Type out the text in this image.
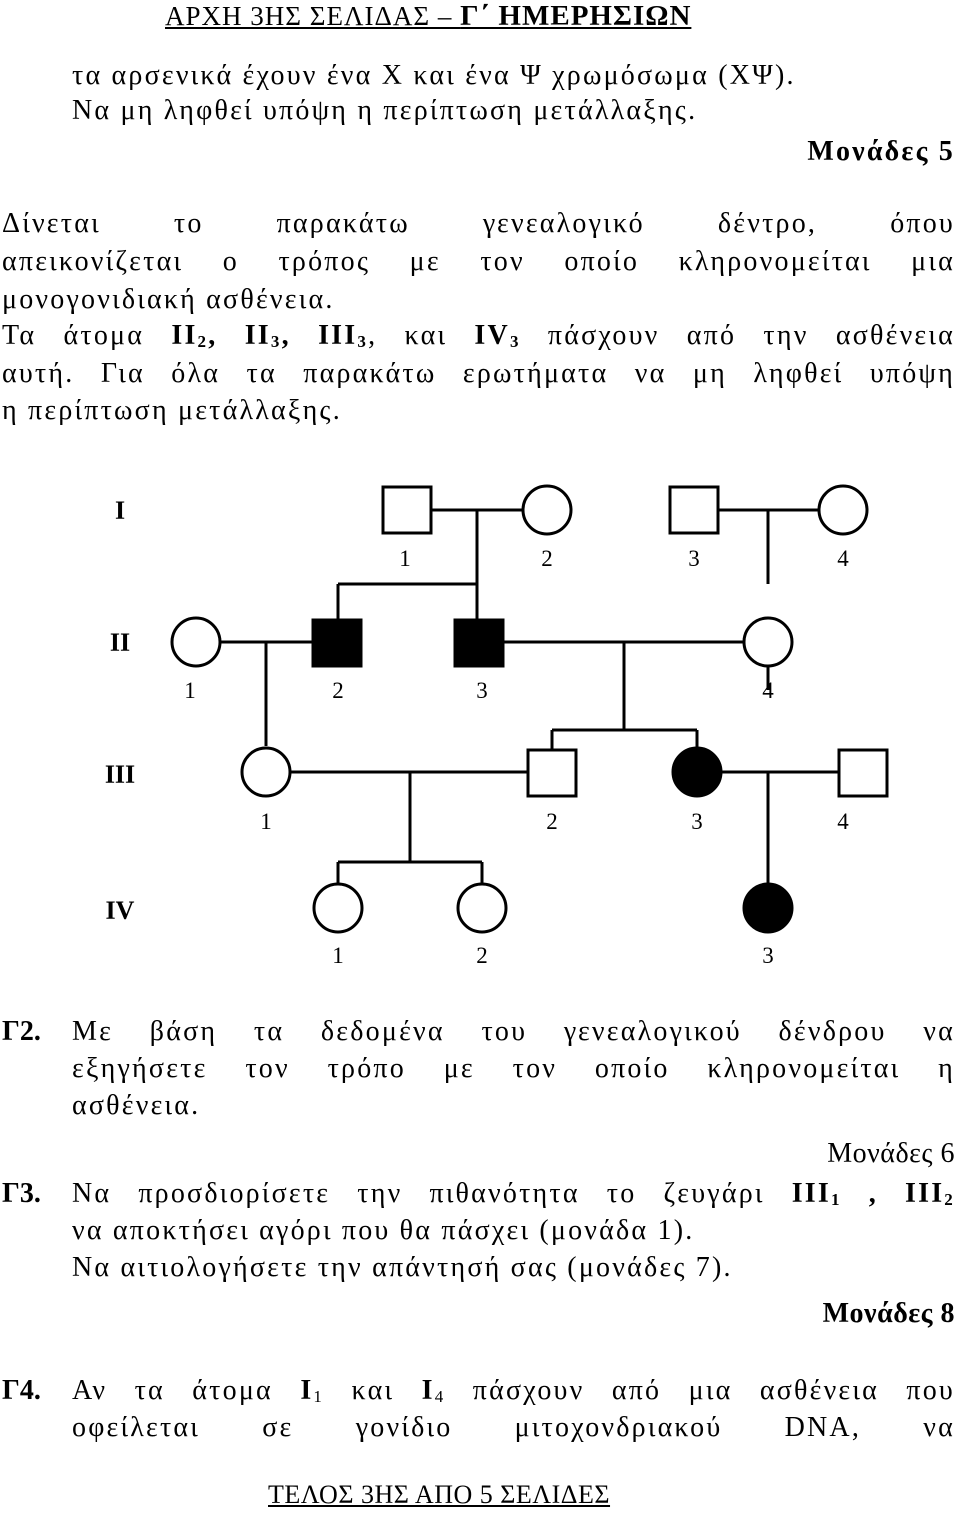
ΑΡΧΗ 3ΗΣ ΣΕΛΙΔΑΣ – Γ΄ ΗΜΕΡΗΣΙΩΝ
τα αρσενικά έχουν ένα Χ και ένα Ψ χρωμόσωμα (ΧΨ).
Να μη ληφθεί υπόψη η περίπτωση μετάλλαξης.
Μονάδες 5
Δίνεται το παρακάτω γενεαλογικό δέντρο, όπου
απεικονίζεται ο τρόπος με τον οποίο κληρονομείται μια
μονογονιδιακή ασθένεια.
Τα άτομα $II_2$, $II_3$, $III_3$, και $IV_3$ πάσχουν από την ασθένεια
αυτή. Για όλα τα παρακάτω ερωτήματα να μη ληφθεί υπόψη
η περίπτωση μετάλλαξης.
Ι
ΙΙ
ΙΙΙ
ΙV
1	2	3	4
1	2	3	4
1	2	3	4
1	2	3
Γ2. Με βάση τα δεδομένα του γενεαλογικού δένδρου να
εξηγήσετε τον τρόπο με τον οποίο κληρονομείται η
ασθένεια.
Μονάδες 6
Γ3. Να προσδιορίσετε την πιθανότητα το ζευγάρι $III_1$ , $III_2$
να αποκτήσει αγόρι που θα πάσχει (μονάδα 1).
Να αιτιολογήσετε την απάντησή σας (μονάδες 7).
Μονάδες 8
Γ4. Αν τα άτομα $I_1$ και $I_4$ πάσχουν από μια ασθένεια που
οφείλεται σε γονίδιο μιτοχονδριακού DNA, να
ΤΕΛΟΣ 3ΗΣ ΑΠΟ 5 ΣΕΛΙΔΕΣ
